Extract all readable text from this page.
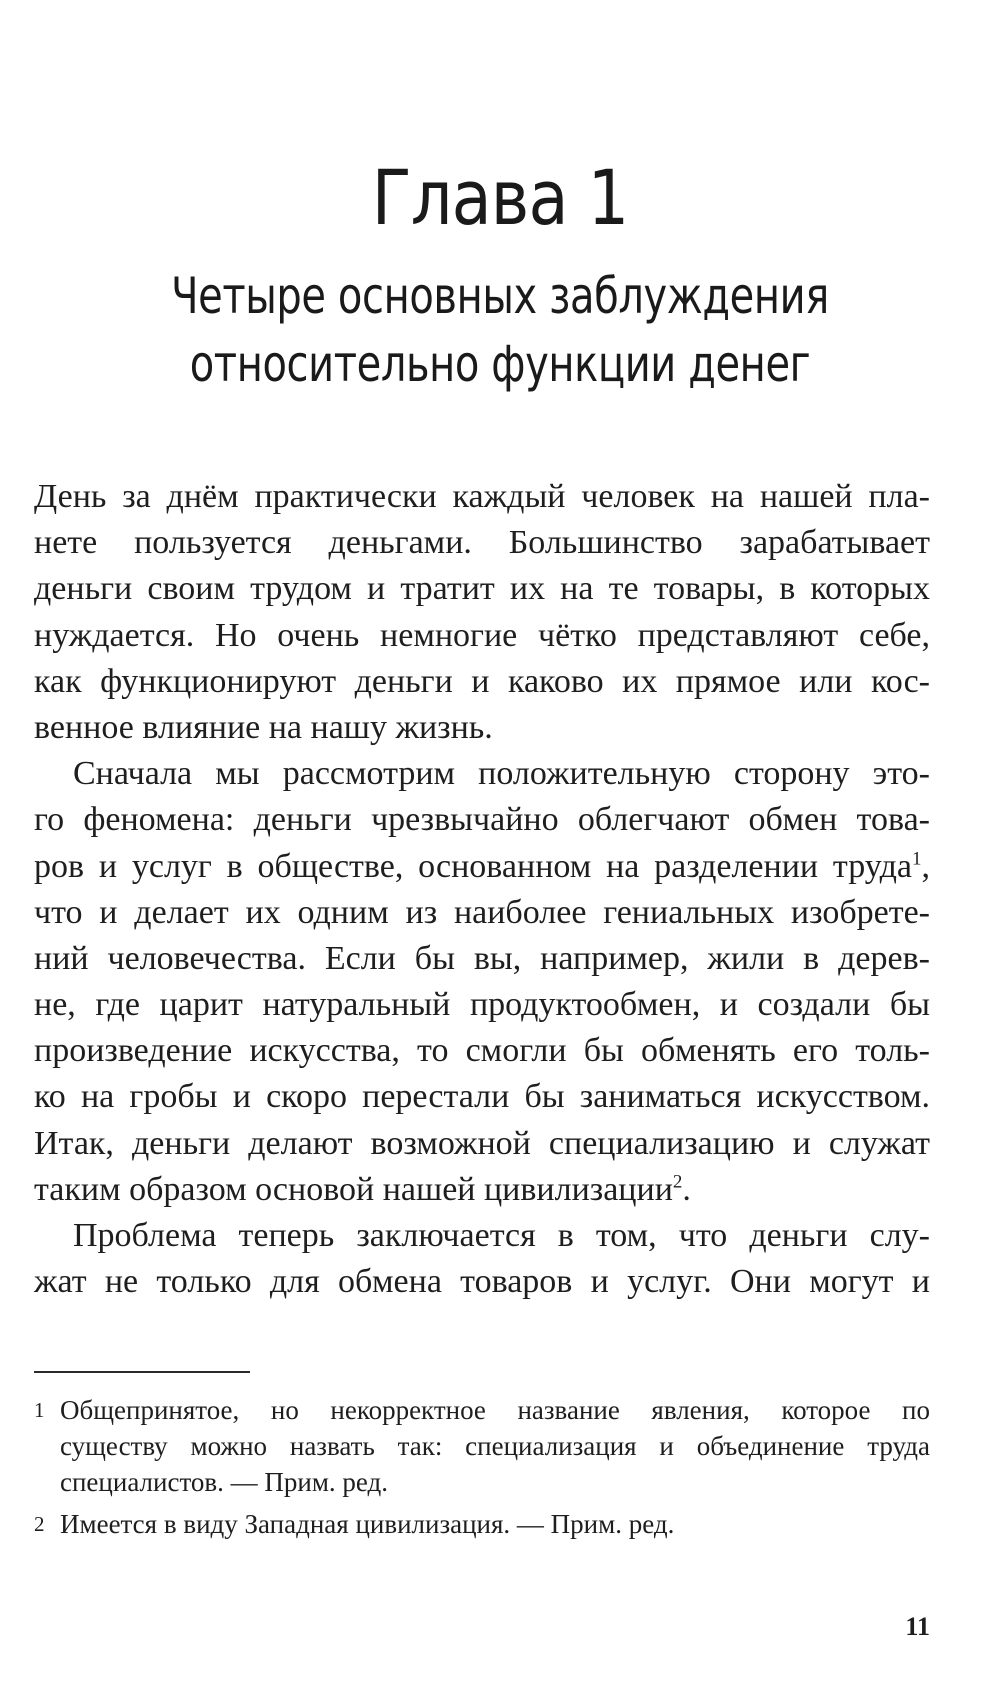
Глава 1
Четыре основных заблуждения
относительно функции денег
День за днём практически каждый человек на нашей пла-
нете пользуется деньгами. Большинство зарабатывает
деньги своим трудом и тратит их на те товары, в которых
нуждается. Но очень немногие чётко представляют себе,
как функционируют деньги и каково их прямое или кос-
венное влияние на нашу жизнь.
Сначала мы рассмотрим положительную сторону это-
го феномена: деньги чрезвычайно облегчают обмен това-
ров и услуг в обществе, основанном на разделении труда$^1$,
что и делает их одним из наиболее гениальных изобрете-
ний человечества. Если бы вы, например, жили в дерев-
не, где царит натуральный продуктообмен, и создали бы
произведение искусства, то смогли бы обменять его толь-
ко на гробы и скоро перестали бы заниматься искусством.
Итак, деньги делают возможной специализацию и служат
таким образом основой нашей цивилизации$^2$.
Проблема теперь заключается в том, что деньги слу-
жат не только для обмена товаров и услуг. Они могут и
1 Общепринятое, но некорректное название явления, которое по
существу можно назвать так: специализация и объединение труда
специалистов. — Прим. ред.
2 Имеется в виду Западная цивилизация. — Прим. ред.
11
